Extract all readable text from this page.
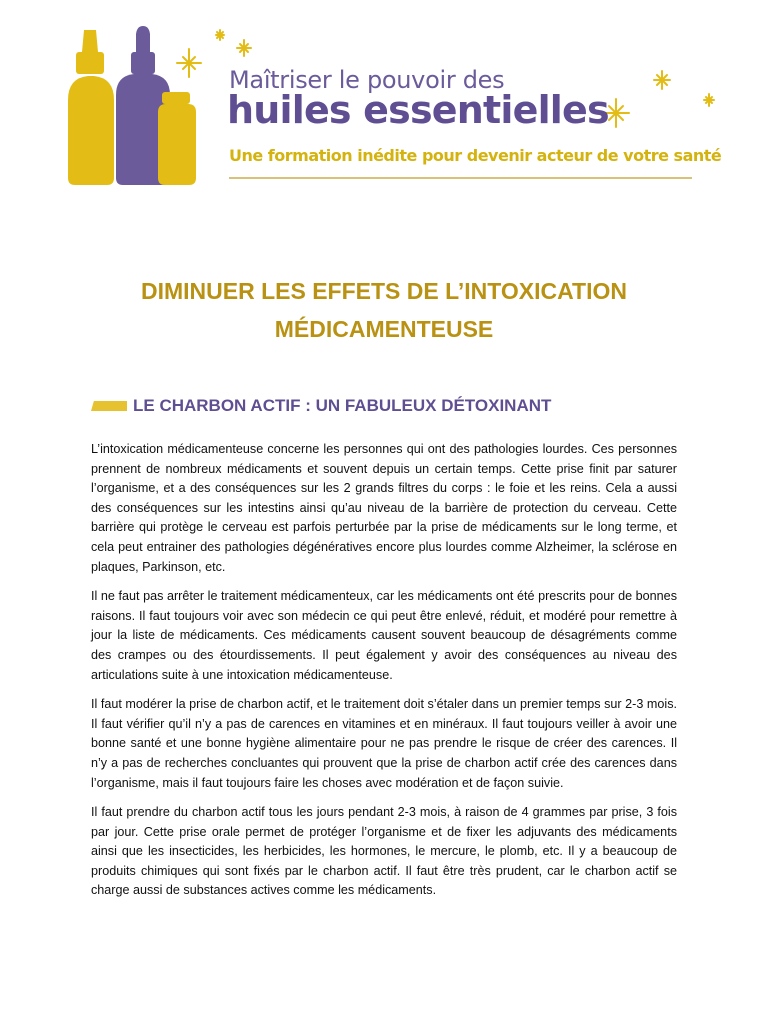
Maîtriser le pouvoir des
huiles essentielles
Une formation inédite pour devenir acteur de votre santé
DIMINUER LES EFFETS DE L’INTOXICATION
MÉDICAMENTEUSE
LE CHARBON ACTIF : UN FABULEUX DÉTOXINANT

L’intoxication médicamenteuse concerne les personnes qui ont des pathologies lourdes. Ces personnes prennent de nombreux médicaments et souvent depuis un certain temps. Cette prise finit par saturer l’organisme, et a des conséquences sur les 2 grands filtres du corps : le foie et les reins. Cela a aussi des conséquences sur les intestins ainsi qu’au niveau de la barrière de protection du cerveau. Cette barrière qui protège le cerveau est parfois perturbée par la prise de médicaments sur le long terme, et cela peut entrainer des pathologies dégénératives encore plus lourdes comme Alzheimer, la sclérose en plaques, Parkinson, etc.

Il ne faut pas arrêter le traitement médicamenteux, car les médicaments ont été prescrits pour de bonnes raisons. Il faut toujours voir avec son médecin ce qui peut être enlevé, réduit, et modéré pour remettre à jour la liste de médicaments. Ces médicaments causent souvent beaucoup de désagréments comme des crampes ou des étourdissements. Il peut également y avoir des conséquences au niveau des articulations suite à une intoxication médicamenteuse.

Il faut modérer la prise de charbon actif, et le traitement doit s’étaler dans un premier temps sur 2-3 mois. Il faut vérifier qu’il n’y a pas de carences en vitamines et en minéraux. Il faut toujours veiller à avoir une bonne santé et une bonne hygiène alimentaire pour ne pas prendre le risque de créer des carences. Il n’y a pas de recherches concluantes qui prouvent que la prise de charbon actif crée des carences dans l’organisme, mais il faut toujours faire les choses avec modération et de façon suivie.

Il faut prendre du charbon actif tous les jours pendant 2-3 mois, à raison de 4 grammes par prise, 3 fois par jour. Cette prise orale permet de protéger l’organisme et de fixer les adjuvants des médicaments ainsi que les insecticides, les herbicides, les hormones, le mercure, le plomb, etc. Il y a beaucoup de produits chimiques qui sont fixés par le charbon actif. Il faut être très prudent, car le charbon actif se charge aussi de substances actives comme les médicaments.
